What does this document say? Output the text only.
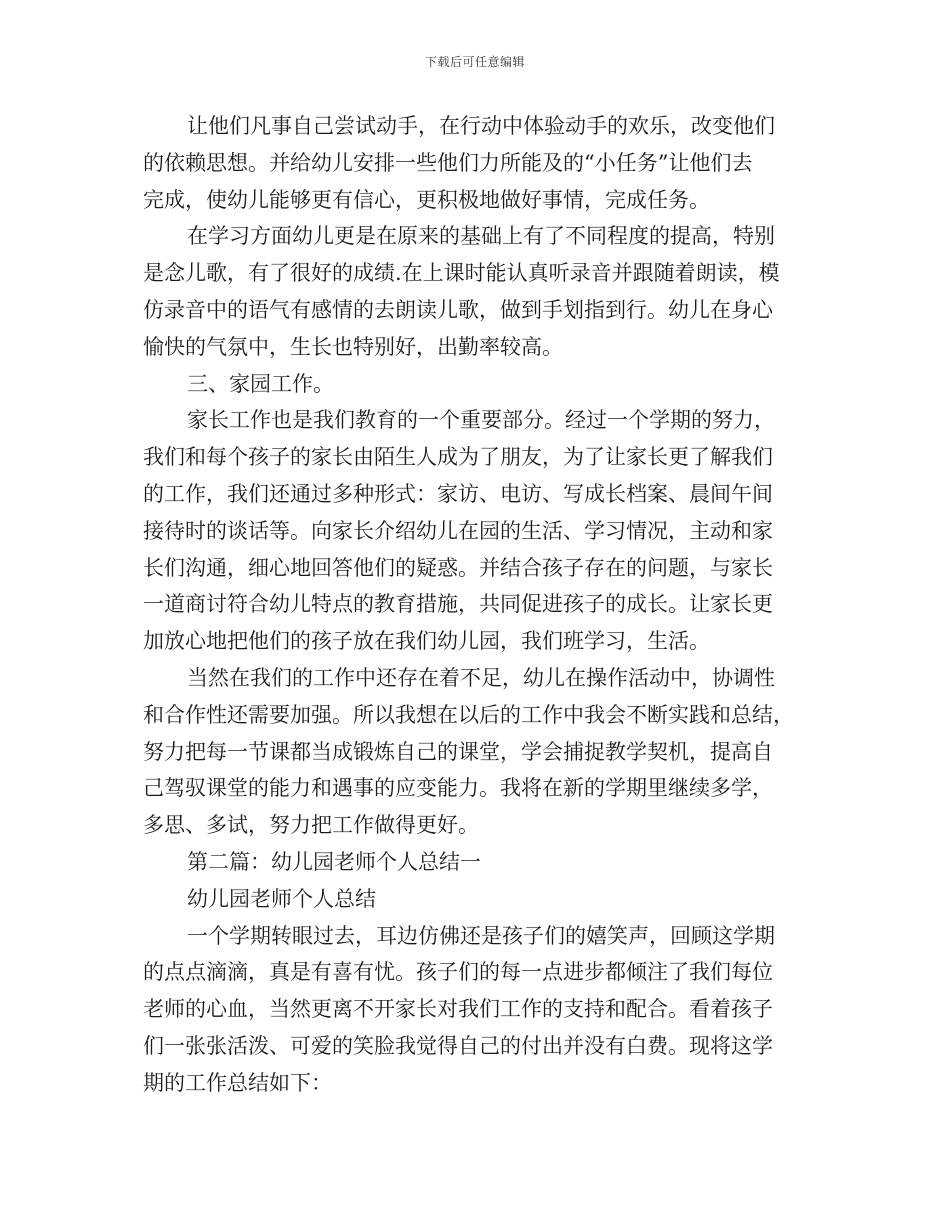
下载后可任意编辑
让他们凡事自己尝试动手，在行动中体验动手的欢乐，改变他们
的依赖思想。并给幼儿安排一些他们力所能及的“小任务”让他们去
完成，使幼儿能够更有信心，更积极地做好事情，完成任务。
在学习方面幼儿更是在原来的基础上有了不同程度的提高，特别
是念儿歌，有了很好的成绩.在上课时能认真听录音并跟随着朗读，模
仿录音中的语气有感情的去朗读儿歌，做到手划指到行。幼儿在身心
愉快的气氛中，生长也特别好，出勤率较高。
三、家园工作。
家长工作也是我们教育的一个重要部分。经过一个学期的努力，
我们和每个孩子的家长由陌生人成为了朋友，为了让家长更了解我们
的工作，我们还通过多种形式：家访、电访、写成长档案、晨间午间
接待时的谈话等。向家长介绍幼儿在园的生活、学习情况，主动和家
长们沟通，细心地回答他们的疑惑。并结合孩子存在的问题，与家长
一道商讨符合幼儿特点的教育措施，共同促进孩子的成长。让家长更
加放心地把他们的孩子放在我们幼儿园，我们班学习，生活。
当然在我们的工作中还存在着不足，幼儿在操作活动中，协调性
和合作性还需要加强。所以我想在以后的工作中我会不断实践和总结，
努力把每一节课都当成锻炼自己的课堂，学会捕捉教学契机，提高自
己驾驭课堂的能力和遇事的应变能力。我将在新的学期里继续多学，
多思、多试，努力把工作做得更好。
第二篇：幼儿园老师个人总结一
幼儿园老师个人总结
一个学期转眼过去，耳边仿佛还是孩子们的嬉笑声，回顾这学期
的点点滴滴，真是有喜有忧。孩子们的每一点进步都倾注了我们每位
老师的心血，当然更离不开家长对我们工作的支持和配合。看着孩子
们一张张活泼、可爱的笑脸我觉得自己的付出并没有白费。现将这学
期的工作总结如下：
